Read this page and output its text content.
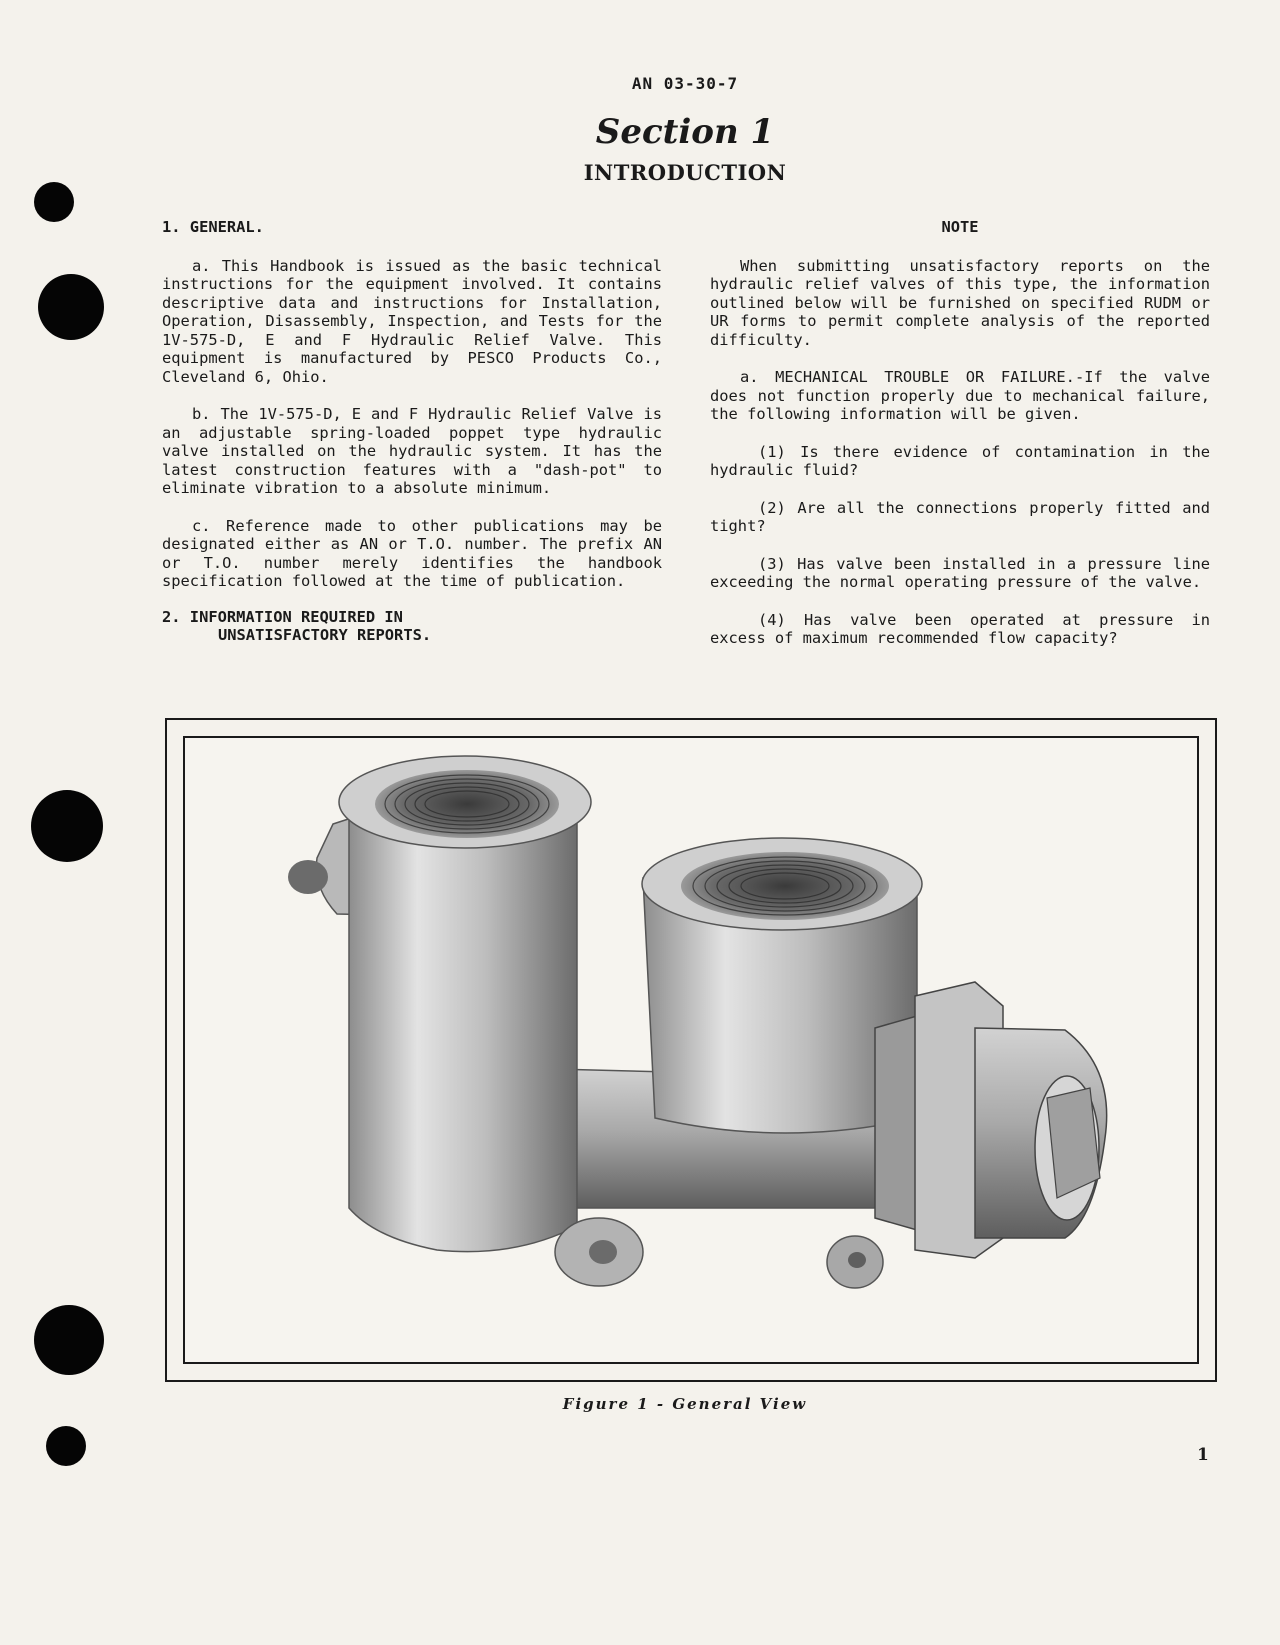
AN 03-30-7
Section 1
INTRODUCTION

1. GENERAL.

a. This Handbook is issued as the basic technical instructions for the equipment involved. It contains descriptive data and instructions for Installation, Operation, Disassembly, Inspection, and Tests for the 1V-575-D, E and F Hydraulic Relief Valve. This equipment is manufactured by PESCO Products Co., Cleveland 6, Ohio.

b. The 1V-575-D, E and F Hydraulic Relief Valve is an adjustable spring-loaded poppet type hydraulic valve installed on the hydraulic system. It has the latest construction features with a "dash-pot" to eliminate vibration to a absolute minimum.

c. Reference made to other publications may be designated either as AN or T.O. number. The prefix AN or T.O. number merely identifies the handbook specification followed at the time of publication.

2. INFORMATION REQUIRED IN UNSATISFACTORY REPORTS.

NOTE

When submitting unsatisfactory reports on the hydraulic relief valves of this type, the information outlined below will be furnished on specified RUDM or UR forms to permit complete analysis of the reported difficulty.

a. MECHANICAL TROUBLE OR FAILURE.-If the valve does not function properly due to mechanical failure, the following information will be given.

(1) Is there evidence of contamination in the hydraulic fluid?

(2) Are all the connections properly fitted and tight?

(3) Has valve been installed in a pressure line exceeding the normal operating pressure of the valve.

(4) Has valve been operated at pressure in excess of maximum recommended flow capacity?

Figure 1 - General View
1
